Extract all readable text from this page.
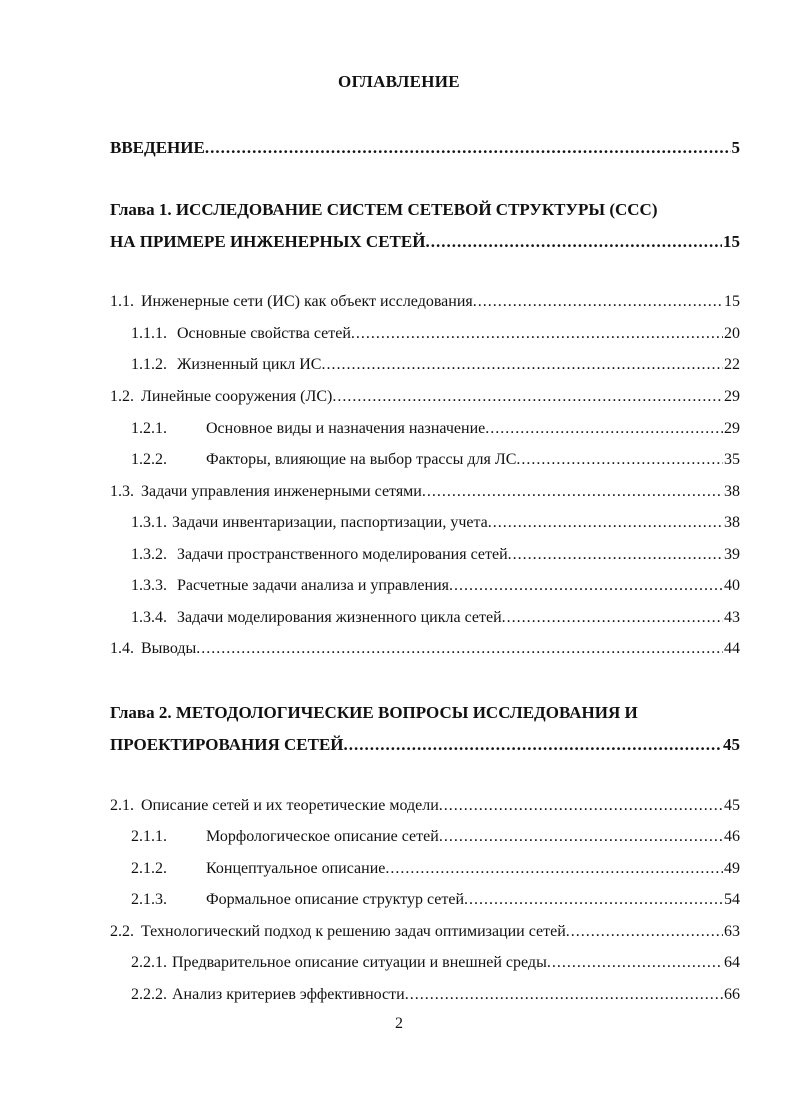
ОГЛАВЛЕНИЕ
ВВЕДЕНИЕ .....	5
Глава 1. ИССЛЕДОВАНИЕ СИСТЕМ СЕТЕВОЙ СТРУКТУРЫ (ССС)
НА ПРИМЕРЕ ИНЖЕНЕРНЫХ СЕТЕЙ .....	15
1.1. Инженерные сети (ИС) как объект исследования .....	15
1.1.1. Основные свойства сетей .....	20
1.1.2. Жизненный цикл ИС .....	22
1.2. Линейные сооружения (ЛС) .....	29
1.2.1.	Основное виды и назначения назначение .....	29
1.2.2.	Факторы, влияющие на выбор трассы для ЛС .....	35
1.3. Задачи управления инженерными сетями .....	38
1.3.1. Задачи инвентаризации, паспортизации, учета .....	38
1.3.2. Задачи пространственного моделирования сетей .....	39
1.3.3. Расчетные задачи анализа и управления .....	40
1.3.4. Задачи моделирования жизненного цикла сетей .....	43
1.4. Выводы .....	44
Глава 2. МЕТОДОЛОГИЧЕСКИЕ ВОПРОСЫ ИССЛЕДОВАНИЯ И
ПРОЕКТИРОВАНИЯ СЕТЕЙ .....	45
2.1. Описание сетей и их теоретические модели .....	45
2.1.1.	Морфологическое описание сетей .....	46
2.1.2.	Концептуальное описание .....	49
2.1.3.	Формальное описание структур сетей .....	54
2.2. Технологический подход к решению задач оптимизации сетей .....	63
2.2.1. Предварительное описание ситуации и внешней среды .....	64
2.2.2. Анализ критериев эффективности .....	66
2
